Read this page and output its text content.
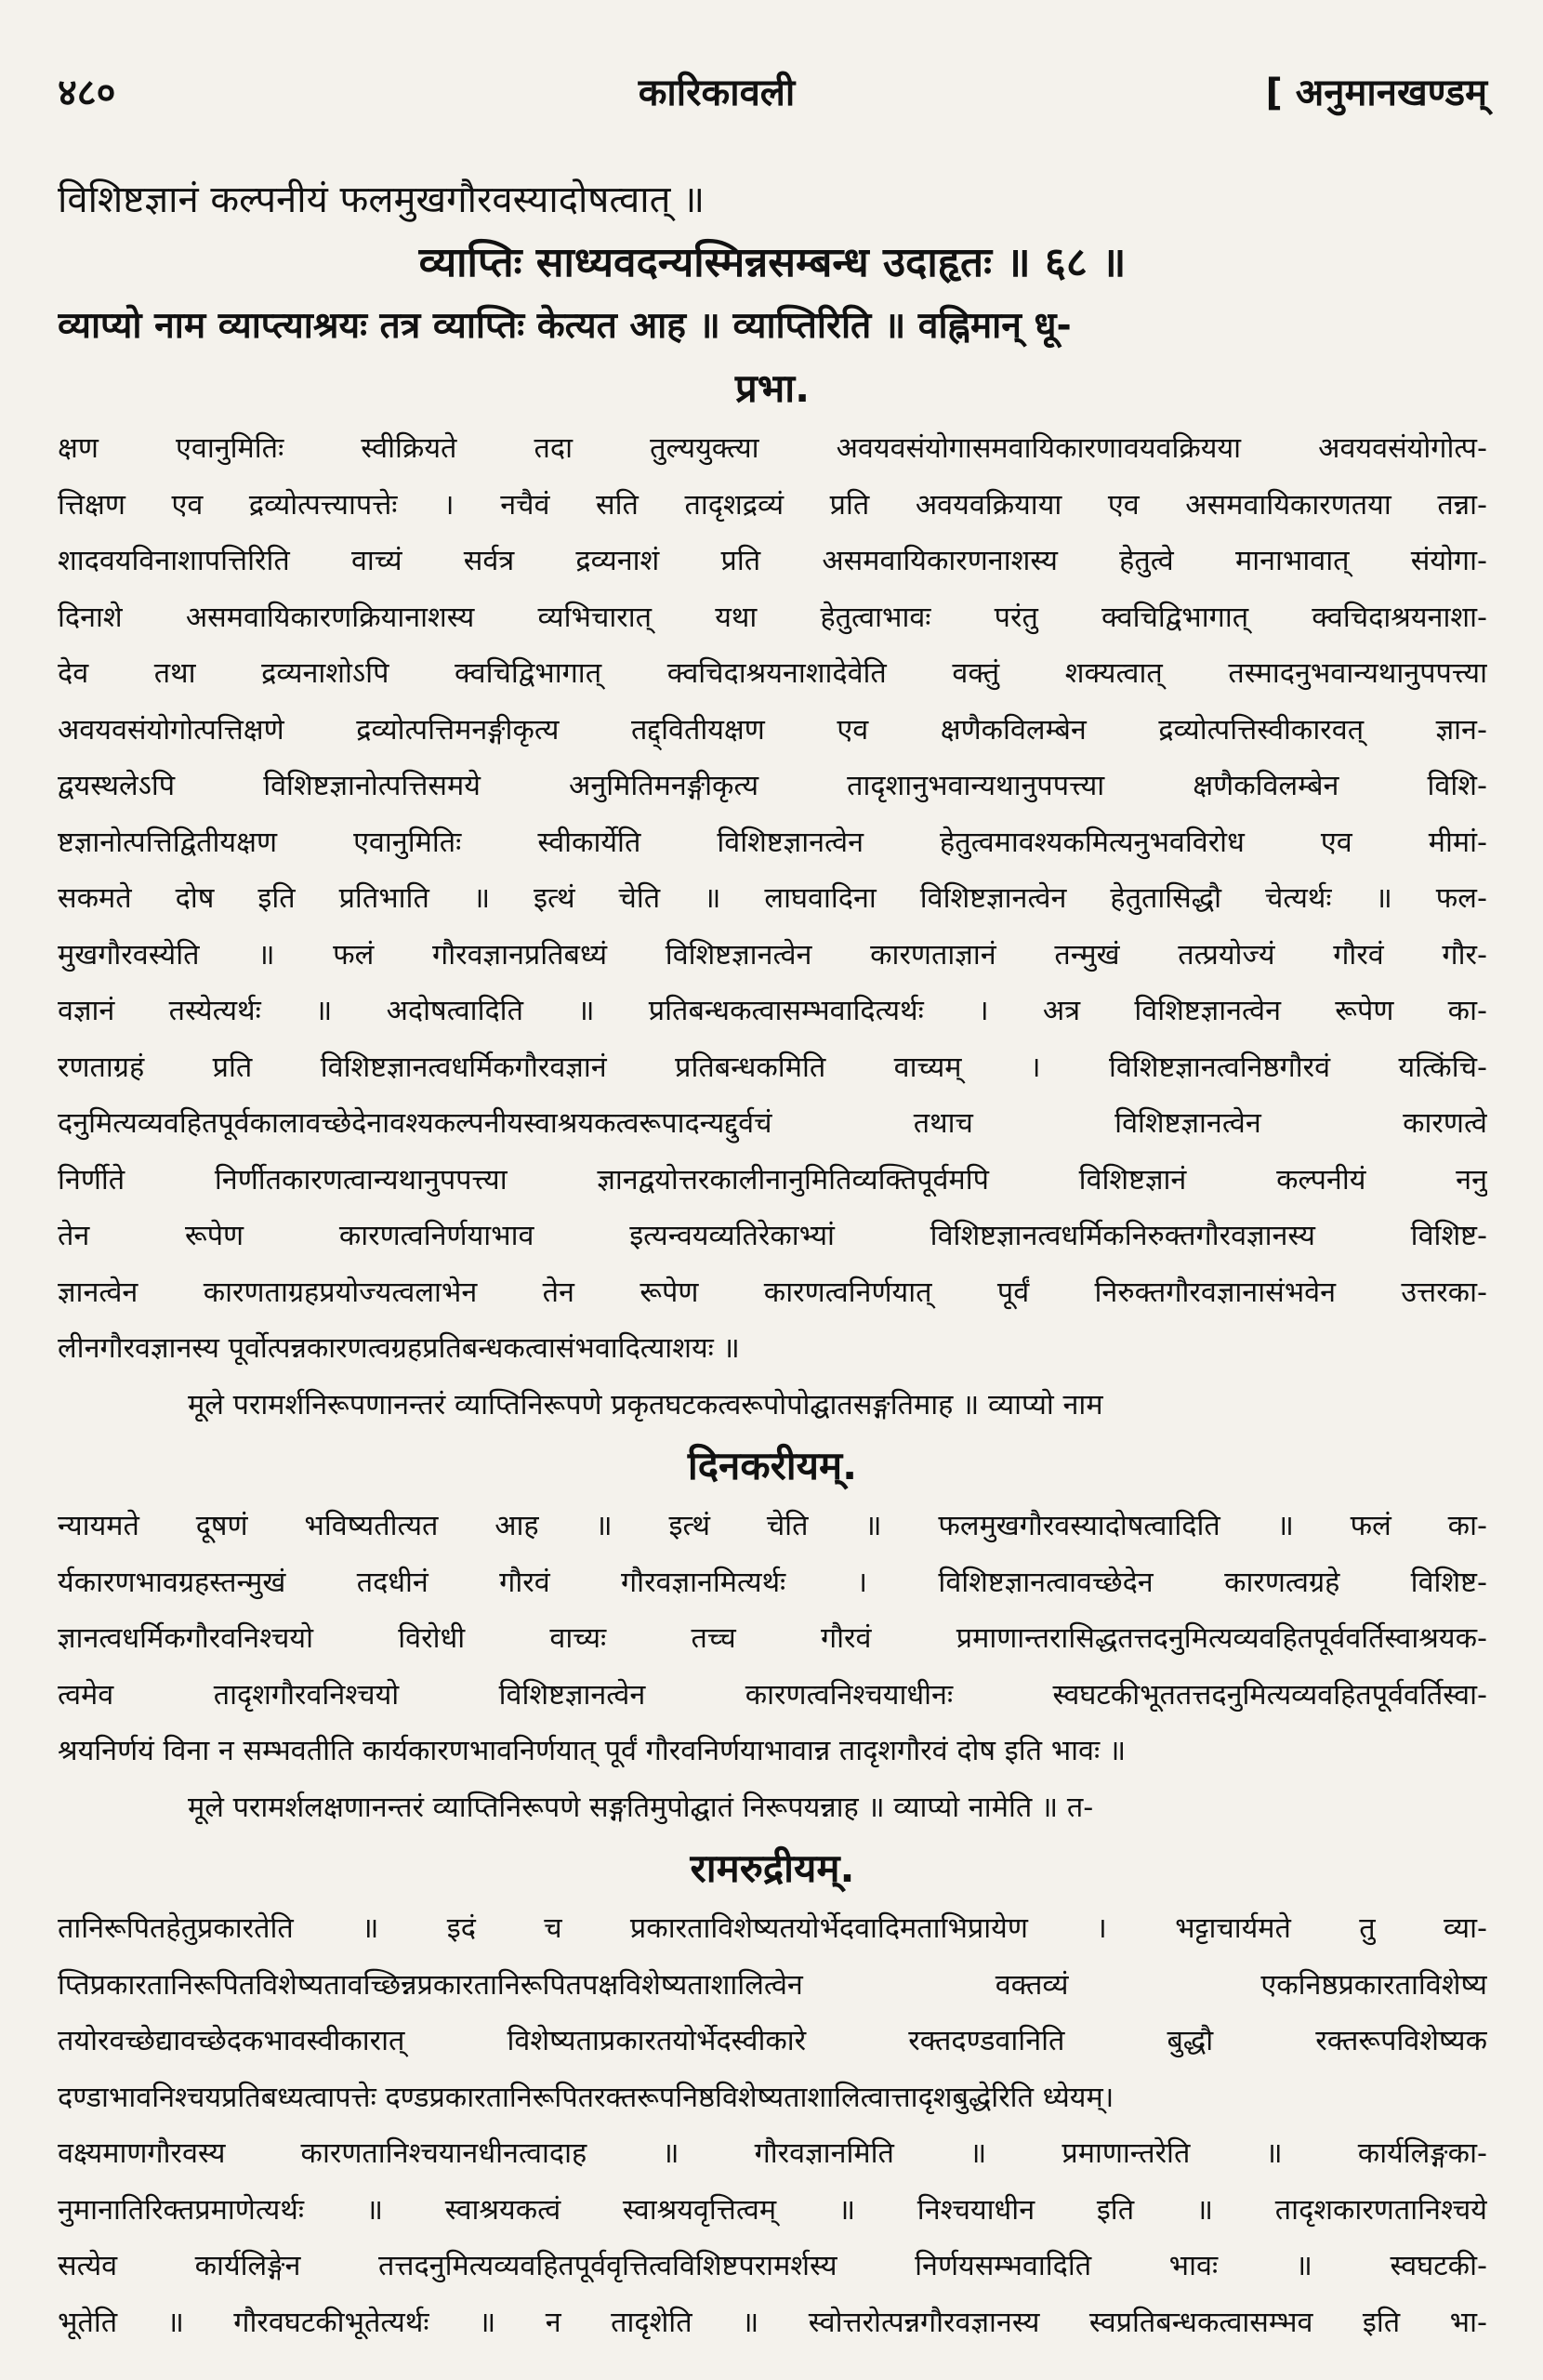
४८०	कारिकावली	[ अनुमानखण्डम्
विशिष्टज्ञानं कल्पनीयं फलमुखगौरवस्यादोषत्वात् ॥
व्याप्तिः साध्यवदन्यस्मिन्नसम्बन्ध उदाहृतः ॥ ६८ ॥
व्याप्यो नाम व्याप्त्याश्रयः तत्र व्याप्तिः केत्यत आह ॥ व्याप्तिरिति ॥ वह्निमान् धू-
प्रभा.
क्षण एवानुमितिः स्वीक्रियते तदा तुल्ययुक्त्या अवयवसंयोगासमवायिकारणावयवक्रियया अवयवसंयोगोत्प-
त्तिक्षण एव द्रव्योत्पत्त्यापत्तेः । नचैवं सति तादृशद्रव्यं प्रति अवयवक्रियाया एव असमवायिकारणतया तन्ना-
शादवयविनाशापत्तिरिति वाच्यं सर्वत्र द्रव्यनाशं प्रति असमवायिकारणनाशस्य हेतुत्वे मानाभावात् संयोगा-
दिनाशे असमवायिकारणक्रियानाशस्य व्यभिचारात् यथा हेतुत्वाभावः परंतु क्वचिद्विभागात् क्वचिदाश्रयनाशा-
देव तथा द्रव्यनाशोऽपि क्वचिद्विभागात् क्वचिदाश्रयनाशादेवेति वक्तुं शक्यत्वात् तस्मादनुभवान्यथानुपपत्त्या
अवयवसंयोगोत्पत्तिक्षणे द्रव्योत्पत्तिमनङ्गीकृत्य तद्द्वितीयक्षण एव क्षणैकविलम्बेन द्रव्योत्पत्तिस्वीकारवत् ज्ञान-
द्वयस्थलेऽपि विशिष्टज्ञानोत्पत्तिसमये अनुमितिमनङ्गीकृत्य तादृशानुभवान्यथानुपपत्त्या क्षणैकविलम्बेन विशि-
ष्टज्ञानोत्पत्तिद्वितीयक्षण एवानुमितिः स्वीकार्येति विशिष्टज्ञानत्वेन हेतुत्वमावश्यकमित्यनुभवविरोध एव मीमां-
सकमते दोष इति प्रतिभाति ॥ इत्थं चेति ॥ लाघवादिना विशिष्टज्ञानत्वेन हेतुतासिद्धौ चेत्यर्थः ॥ फल-
मुखगौरवस्येति ॥ फलं गौरवज्ञानप्रतिबध्यं विशिष्टज्ञानत्वेन कारणताज्ञानं तन्मुखं तत्प्रयोज्यं गौरवं गौर-
वज्ञानं तस्येत्यर्थः ॥ अदोषत्वादिति ॥ प्रतिबन्धकत्वासम्भवादित्यर्थः । अत्र विशिष्टज्ञानत्वेन रूपेण का-
रणताग्रहं प्रति विशिष्टज्ञानत्वधर्मिकगौरवज्ञानं प्रतिबन्धकमिति वाच्यम् । विशिष्टज्ञानत्वनिष्ठगौरवं यत्किंचि-
दनुमित्यव्यवहितपूर्वकालावच्छेदेनावश्यकल्पनीयस्वाश्रयकत्वरूपादन्यद्दुर्वचं तथाच विशिष्टज्ञानत्वेन कारणत्वे
निर्णीते निर्णीतकारणत्वान्यथानुपपत्त्या ज्ञानद्वयोत्तरकालीनानुमितिव्यक्तिपूर्वमपि विशिष्टज्ञानं कल्पनीयं ननु
तेन रूपेण कारणत्वनिर्णयाभाव इत्यन्वयव्यतिरेकाभ्यां विशिष्टज्ञानत्वधर्मिकनिरुक्तगौरवज्ञानस्य विशिष्ट-
ज्ञानत्वेन कारणताग्रहप्रयोज्यत्वलाभेन तेन रूपेण कारणत्वनिर्णयात् पूर्वं निरुक्तगौरवज्ञानासंभवेन उत्तरका-
लीनगौरवज्ञानस्य पूर्वोत्पन्नकारणत्वग्रहप्रतिबन्धकत्वासंभवादित्याशयः ॥
मूले परामर्शनिरूपणानन्तरं व्याप्तिनिरूपणे प्रकृतघटकत्वरूपोपोद्घातसङ्गतिमाह ॥ व्याप्यो नाम
दिनकरीयम्.
न्यायमते दूषणं भविष्यतीत्यत आह ॥ इत्थं चेति ॥ फलमुखगौरवस्यादोषत्वादिति ॥ फलं का-
र्यकारणभावग्रहस्तन्मुखं तदधीनं गौरवं गौरवज्ञानमित्यर्थः । विशिष्टज्ञानत्वावच्छेदेन कारणत्वग्रहे विशिष्ट-
ज्ञानत्वधर्मिकगौरवनिश्चयो विरोधी वाच्यः तच्च गौरवं प्रमाणान्तरासिद्धतत्तदनुमित्यव्यवहितपूर्ववर्तिस्वाश्रयक-
त्वमेव तादृशगौरवनिश्चयो विशिष्टज्ञानत्वेन कारणत्वनिश्चयाधीनः स्वघटकीभूततत्तदनुमित्यव्यवहितपूर्ववर्तिस्वा-
श्रयनिर्णयं विना न सम्भवतीति कार्यकारणभावनिर्णयात् पूर्वं गौरवनिर्णयाभावान्न तादृशगौरवं दोष इति भावः ॥
मूले परामर्शलक्षणानन्तरं व्याप्तिनिरूपणे सङ्गतिमुपोद्घातं निरूपयन्नाह ॥ व्याप्यो नामेति ॥ त-
रामरुद्रीयम्.
तानिरूपितहेतुप्रकारतेति ॥ इदं च प्रकारताविशेष्यतयोर्भेदवादिमताभिप्रायेण । भट्टाचार्यमते तु व्या-
प्तिप्रकारतानिरूपितविशेष्यतावच्छिन्नप्रकारतानिरूपितपक्षविशेष्यताशालित्वेन वक्तव्यं एकनिष्ठप्रकारताविशेष्य
तयोरवच्छेद्यावच्छेदकभावस्वीकारात् विशेष्यताप्रकारतयोर्भेदस्वीकारे रक्तदण्डवानिति बुद्धौ रक्तरूपविशेष्यक
दण्डाभावनिश्चयप्रतिबध्यत्वापत्तेः दण्डप्रकारतानिरूपितरक्तरूपनिष्ठविशेष्यताशालित्वात्तादृशबुद्धेरिति ध्येयम्।
वक्ष्यमाणगौरवस्य कारणतानिश्चयानधीनत्वादाह ॥ गौरवज्ञानमिति ॥ प्रमाणान्तरेति ॥ कार्यलिङ्गका-
नुमानातिरिक्तप्रमाणेत्यर्थः ॥ स्वाश्रयकत्वं स्वाश्रयवृत्तित्वम् ॥ निश्चयाधीन इति ॥ तादृशकारणतानिश्चये
सत्येव कार्यलिङ्गेन तत्तदनुमित्यव्यवहितपूर्ववृत्तित्वविशिष्टपरामर्शस्य निर्णयसम्भवादिति भावः ॥ स्वघटकी-
भूतेति ॥ गौरवघटकीभूतेत्यर्थः ॥ न तादृशेति ॥ स्वोत्तरोत्पन्नगौरवज्ञानस्य स्वप्रतिबन्धकत्वासम्भव इति भा-
